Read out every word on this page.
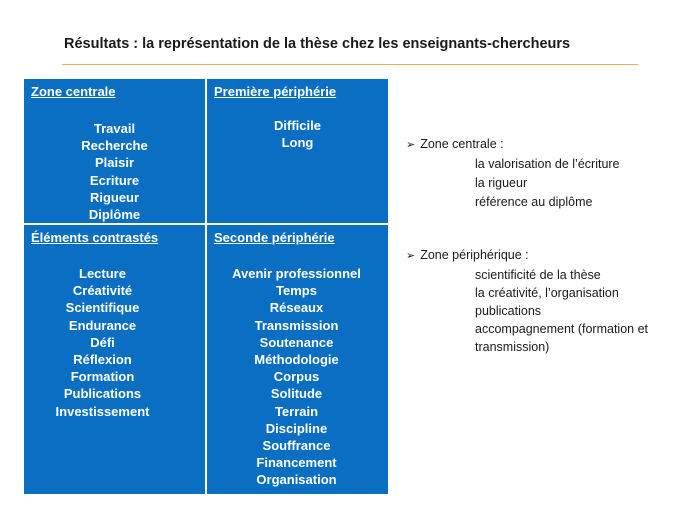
Résultats : la représentation de la thèse chez les enseignants-chercheurs
Zone centrale
Travail
Recherche
Plaisir
Ecriture
Rigueur
Diplôme
Première périphérie
Difficile
Long
Éléments contrastés
Lecture
Créativité
Scientifique
Endurance
Défi
Réflexion
Formation
Publications
Investissement
Seconde périphérie
Avenir professionnel
Temps
Réseaux
Transmission
Soutenance
Méthodologie
Corpus
Solitude
Terrain
Discipline
Souffrance
Financement
Organisation
➢ Zone centrale :
la valorisation de l’écriture
la rigueur
référence au diplôme
➢ Zone périphérique :
scientificité de la thèse
la créativité, l’organisation
publications
accompagnement (formation et
transmission)
